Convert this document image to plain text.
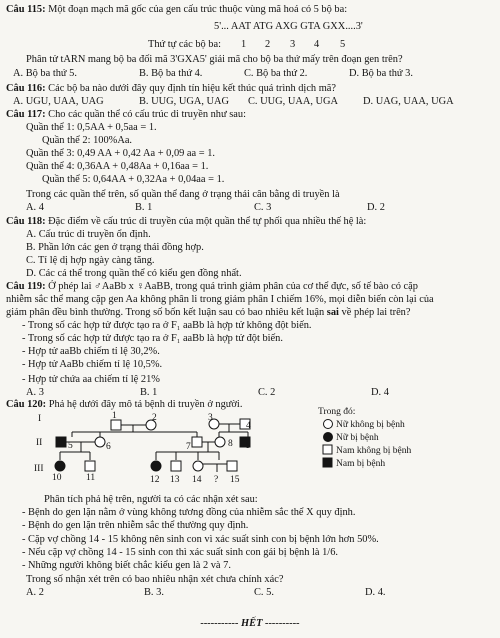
Câu 115: Một đoạn mạch mã gốc của gen cấu trúc thuộc vùng mã hoá có 5 bộ ba:
5'... AAT ATG AXG GTA GXX....3'
Thứ tự các bộ ba: 1 2 3 4 5
Phân tử tARN mang bộ ba đối mã 3'GXA5' giải mã cho bộ ba thứ mấy trên đoạn gen trên?
A. Bộ ba thứ 5.	B. Bộ ba thứ 4.	C. Bộ ba thứ 2.	D. Bộ ba thứ 3.
Câu 116: Các bộ ba nào dưới đây quy định tín hiệu kết thúc quá trình dịch mã?
A. UGU, UAA, UAG	B. UUG, UGA, UAG C. UUG, UAA, UGA D. UAG, UAA, UGA
Câu 117: Cho các quần thể có cấu trúc di truyền như sau:
Quần thể 1: 0,5AA + 0,5aa = 1.
Quần thể 2: 100%Aa.
Quần thể 3: 0,49 AA + 0,42 Aa + 0,09 aa = 1.
Quần thể 4: 0,36AA + 0,48Aa + 0,16aa = 1.
Quần thể 5: 0,64AA + 0,32Aa + 0,04aa = 1.
Trong các quần thể trên, số quần thể đang ở trạng thái cân bằng di truyền là
A. 4	B. 1	C. 3	D. 2
Câu 118: Đặc điểm về cấu trúc di truyền của một quần thể tự phối qua nhiều thế hệ là:
A. Cấu trúc di truyền ổn định.
B. Phần lớn các gen ở trạng thái đồng hợp.
C. Tỉ lệ dị hợp ngày càng tăng.
D. Các cá thể trong quần thể có kiểu gen đồng nhất.
Câu 119: Ở phép lai ♂AaBb x ♀AaBB, trong quá trình giảm phân của cơ thể đực, số tế bào có cặp
nhiễm sắc thể mang cặp gen Aa không phân li trong giảm phân I chiếm 16%, mọi diễn biến còn lại của
giảm phân đều bình thường. Trong số bốn kết luận sau có bao nhiêu kết luận sai về phép lai trên?
- Trong số các hợp tử được tạo ra ở F₁ aaBb là hợp tử không đột biến.
- Trong số các hợp tử được tạo ra ở F₁ aaBb là hợp tử đột biến.
- Hợp tử aaBb chiếm tỉ lệ 30,2%.
- Hợp tử AaBb chiếm tỉ lệ 10,5%.
- Hợp tử chứa aa chiếm tỉ lệ 21%
A. 3	B. 1	C. 2	D. 4
Câu 120: Phả hệ dưới đây mô tả bệnh di truyền ở người.
I
II
III
1	2	3
4
5	6	7	8 9
10	11	12 13 14 ? 15
Trong đó:
Nữ không bị bệnh
Nữ bị bệnh
Nam không bị bệnh
Nam bị bệnh
Phân tích phả hệ trên, người ta có các nhận xét sau:
- Bệnh do gen lặn nằm ở vùng không tương đồng của nhiễm sắc thể X quy định.
- Bệnh do gen lặn trên nhiễm sắc thể thường quy định.
- Cặp vợ chồng 14 - 15 không nên sinh con vì xác suất sinh con bị bệnh lớn hơn 50%.
- Nếu cặp vợ chồng 14 - 15 sinh con thì xác suất sinh con gái bị bệnh là 1/6.
- Những người không biết chắc kiểu gen là 2 và 7.
Trong số nhận xét trên có bao nhiêu nhận xét chưa chính xác?
A. 2	B. 3.	C. 5.	D. 4.
----------- HẾT ----------
